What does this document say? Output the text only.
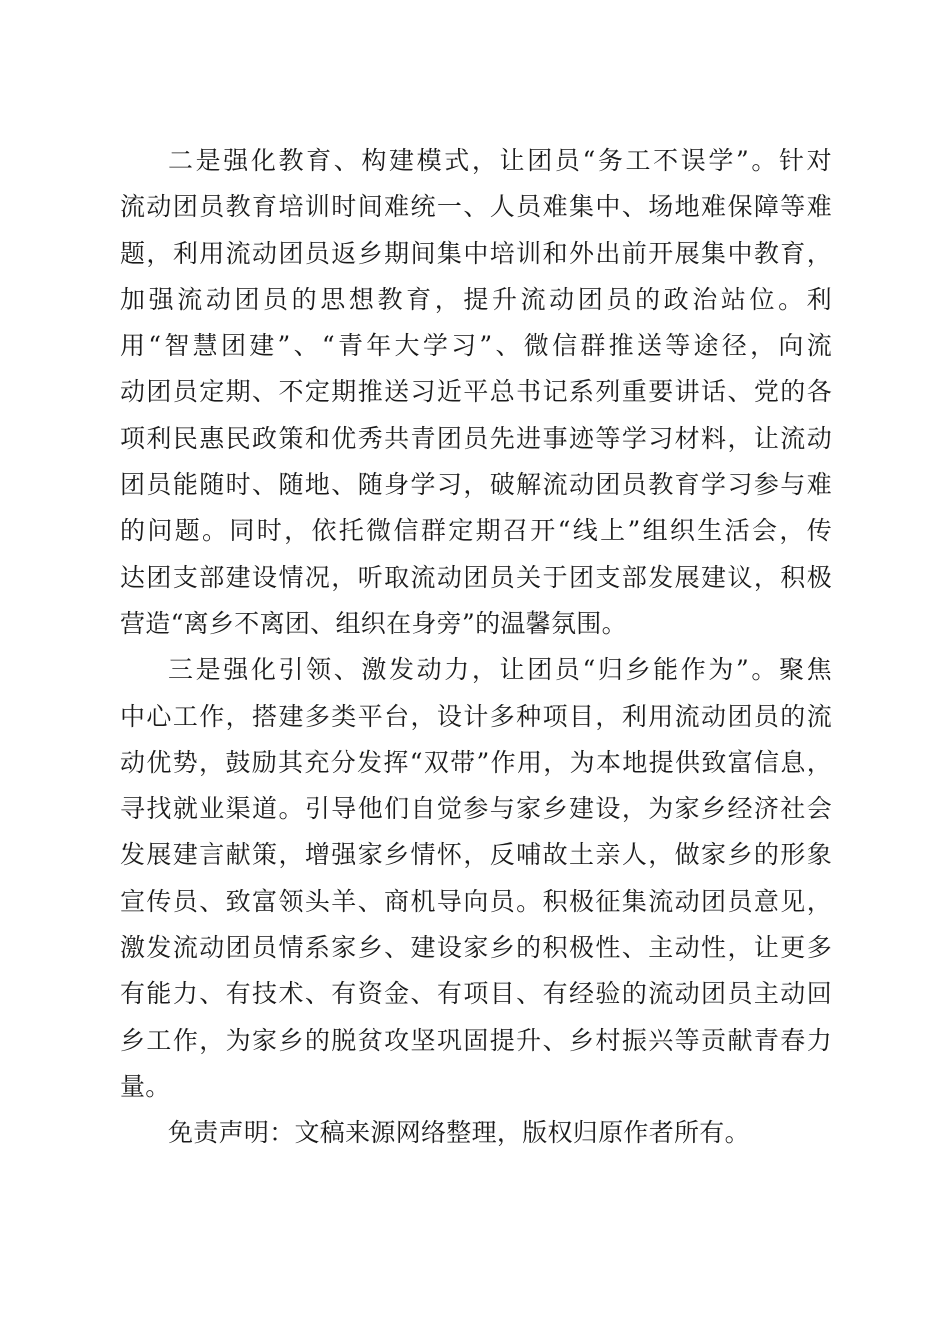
二是强化教育、构建模式，让团员“务工不误学”。针对
流动团员教育培训时间难统一、人员难集中、场地难保障等难
题，利用流动团员返乡期间集中培训和外出前开展集中教育，
加强流动团员的思想教育，提升流动团员的政治站位。利
用“智慧团建”、“青年大学习”、微信群推送等途径，向流
动团员定期、不定期推送习近平总书记系列重要讲话、党的各
项利民惠民政策和优秀共青团员先进事迹等学习材料，让流动
团员能随时、随地、随身学习，破解流动团员教育学习参与难
的问题。同时，依托微信群定期召开“线上”组织生活会，传
达团支部建设情况，听取流动团员关于团支部发展建议，积极
营造“离乡不离团、组织在身旁”的温馨氛围。
三是强化引领、激发动力，让团员“归乡能作为”。聚焦
中心工作，搭建多类平台，设计多种项目，利用流动团员的流
动优势，鼓励其充分发挥“双带”作用，为本地提供致富信息，
寻找就业渠道。引导他们自觉参与家乡建设，为家乡经济社会
发展建言献策，增强家乡情怀，反哺故土亲人，做家乡的形象
宣传员、致富领头羊、商机导向员。积极征集流动团员意见，
激发流动团员情系家乡、建设家乡的积极性、主动性，让更多
有能力、有技术、有资金、有项目、有经验的流动团员主动回
乡工作，为家乡的脱贫攻坚巩固提升、乡村振兴等贡献青春力
量。
免责声明：文稿来源网络整理，版权归原作者所有。
